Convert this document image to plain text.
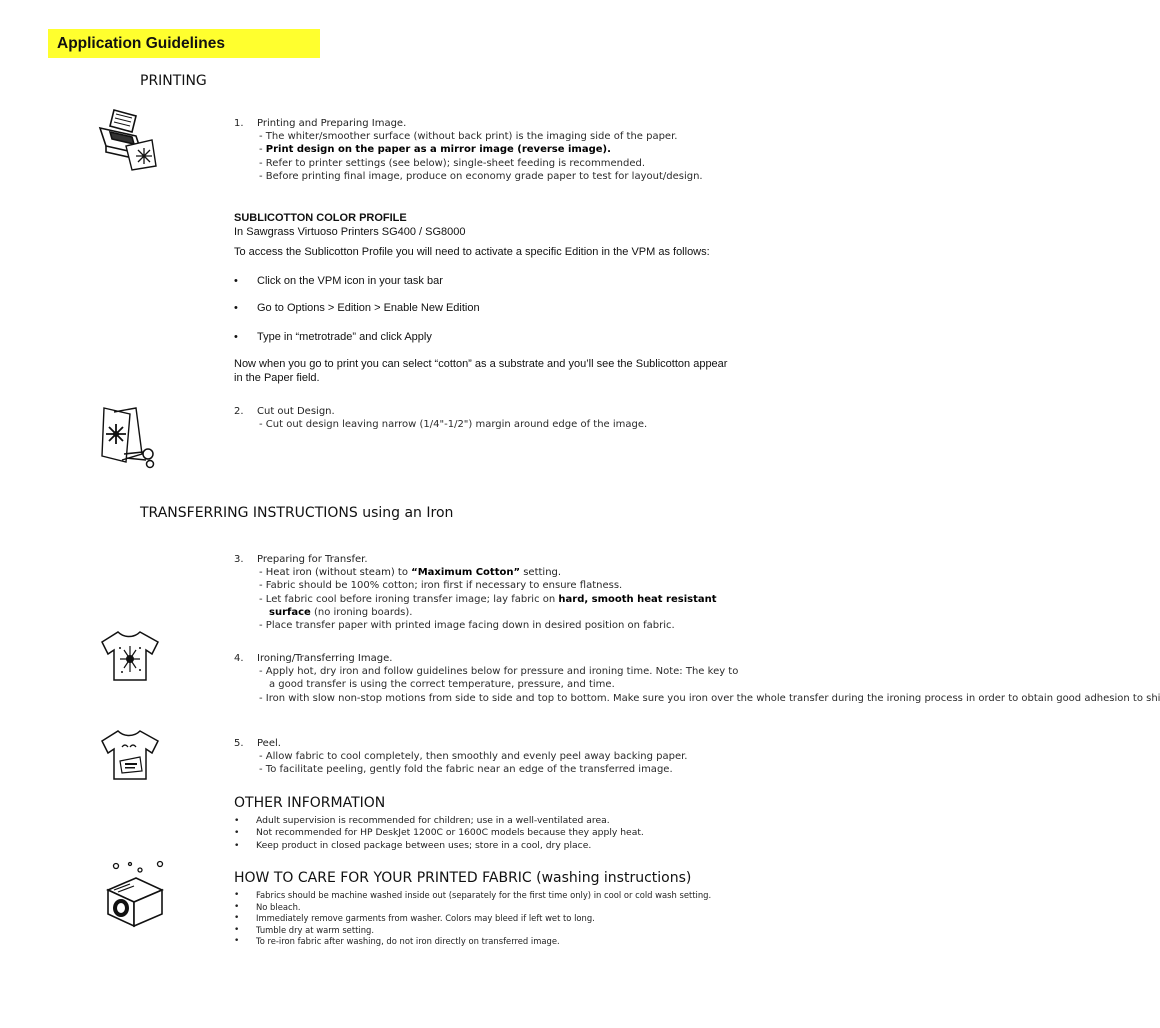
Application Guidelines
PRINTING
1. Printing and Preparing Image.
- The whiter/smoother surface (without back print) is the imaging side of the paper.
- Print design on the paper as a mirror image (reverse image).
- Refer to printer settings (see below); single-sheet feeding is recommended.
- Before printing final image, produce on economy grade paper to test for layout/design.
SUBLICOTTON COLOR PROFILE
In Sawgrass Virtuoso Printers SG400 / SG8000
To access the Sublicotton Profile you will need to activate a specific Edition in the VPM as follows:
• Click on the VPM icon in your task bar
• Go to Options > Edition > Enable New Edition
• Type in “metrotrade” and click Apply
Now when you go to print you can select “cotton” as a substrate and you’ll see the Sublicotton appear in the Paper field.
2. Cut out Design.
- Cut out design leaving narrow (1/4"-1/2") margin around edge of the image.
TRANSFERRING INSTRUCTIONS using an Iron
3. Preparing for Transfer.
- Heat iron (without steam) to “Maximum Cotton” setting.
- Fabric should be 100% cotton; iron first if necessary to ensure flatness.
- Let fabric cool before ironing transfer image; lay fabric on hard, smooth heat resistant
surface (no ironing boards).
- Place transfer paper with printed image facing down in desired position on fabric.
4. Ironing/Transferring Image.
- Apply hot, dry iron and follow guidelines below for pressure and ironing time. Note: The key to a good transfer is using the correct temperature, pressure, and time.
- Iron with slow non-stop motions from side to side and top to bottom. Make sure you iron over the whole transfer during the ironing process in order to obtain good adhesion to shi
5. Peel.
- Allow fabric to cool completely, then smoothly and evenly peel away backing paper.
- To facilitate peeling, gently fold the fabric near an edge of the transferred image.
OTHER INFORMATION
• Adult supervision is recommended for children; use in a well-ventilated area.
• Not recommended for HP DeskJet 1200C or 1600C models because they apply heat.
• Keep product in closed package between uses; store in a cool, dry place.
HOW TO CARE FOR YOUR PRINTED FABRIC (washing instructions)
• Fabrics should be machine washed inside out (separately for the first time only) in cool or cold wash setting.
• No bleach.
• Immediately remove garments from washer. Colors may bleed if left wet to long.
• Tumble dry at warm setting.
• To re-iron fabric after washing, do not iron directly on transferred image.
